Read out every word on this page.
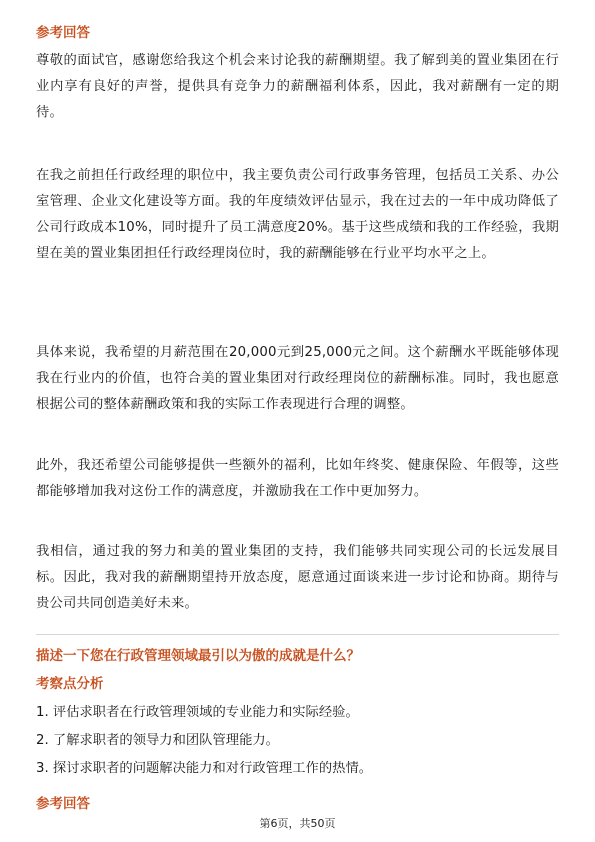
参考回答

尊敬的面试官，感谢您给我这个机会来讨论我的薪酬期望。我了解到美的置业集团在行业内享有良好的声誉，提供具有竞争力的薪酬福利体系，因此，我对薪酬有一定的期待。

在我之前担任行政经理的职位中，我主要负责公司行政事务管理，包括员工关系、办公室管理、企业文化建设等方面。我的年度绩效评估显示，我在过去的一年中成功降低了公司行政成本10%，同时提升了员工满意度20%。基于这些成绩和我的工作经验，我期望在美的置业集团担任行政经理岗位时，我的薪酬能够在行业平均水平之上。

具体来说，我希望的月薪范围在20,000元到25,000元之间。这个薪酬水平既能够体现我在行业内的价值，也符合美的置业集团对行政经理岗位的薪酬标准。同时，我也愿意根据公司的整体薪酬政策和我的实际工作表现进行合理的调整。

此外，我还希望公司能够提供一些额外的福利，比如年终奖、健康保险、年假等，这些都能够增加我对这份工作的满意度，并激励我在工作中更加努力。

我相信，通过我的努力和美的置业集团的支持，我们能够共同实现公司的长远发展目标。因此，我对我的薪酬期望持开放态度，愿意通过面谈来进一步讨论和协商。期待与贵公司共同创造美好未来。

描述一下您在行政管理领域最引以为傲的成就是什么？
考察点分析

1. 评估求职者在行政管理领域的专业能力和实际经验。

2. 了解求职者的领导力和团队管理能力。

3. 探讨求职者的问题解决能力和对行政管理工作的热情。

参考回答
第6页，共50页
